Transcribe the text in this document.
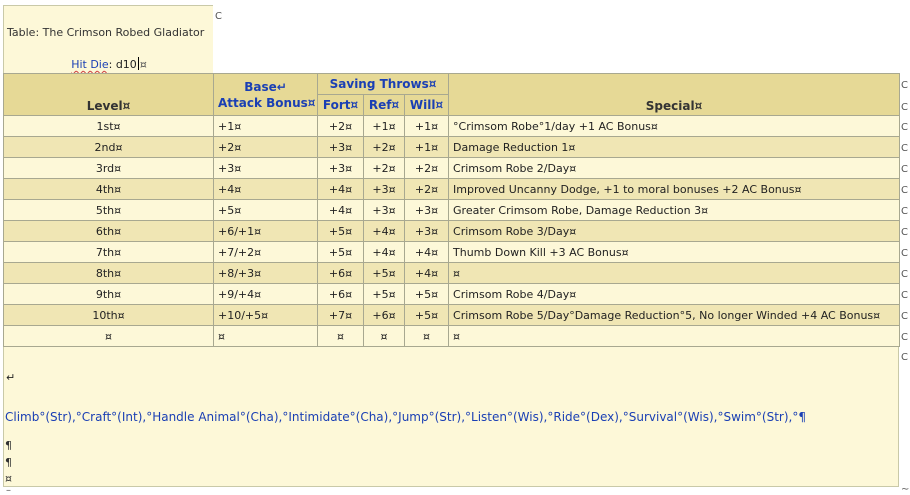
Table: The Crimson Robed Gladiator
Hit Die: d10 ¤
C
Level¤	Base↵
Attack Bonus¤	Saving Throws¤			Special¤
		Fort¤	Ref¤	Will¤	
1st¤	+1¤	+2¤	+1¤	+1¤	°Crimsom Robe°1/day +1 AC Bonus¤
2nd¤	+2¤	+3¤	+2¤	+1¤	Damage Reduction 1¤
3rd¤	+3¤	+3¤	+2¤	+2¤	Crimsom Robe 2/Day¤
4th¤	+4¤	+4¤	+3¤	+2¤	Improved Uncanny Dodge, +1 to moral bonuses +2 AC Bonus¤
5th¤	+5¤	+4¤	+3¤	+3¤	Greater Crimsom Robe, Damage Reduction 3¤
6th¤	+6/+1¤	+5¤	+4¤	+3¤	Crimsom Robe 3/Day¤
7th¤	+7/+2¤	+5¤	+4¤	+4¤	Thumb Down Kill +3 AC Bonus¤
8th¤	+8/+3¤	+6¤	+5¤	+4¤	¤
9th¤	+9/+4¤	+6¤	+5¤	+5¤	Crimsom Robe 4/Day¤
10th¤	+10/+5¤	+7¤	+6¤	+5¤	Crimsom Robe 5/Day°Damage Reduction°5, No longer Winded +4 AC Bonus¤
¤	¤	¤	¤	¤	¤
C
C
C
C
C
C
C
C
C
C
C
C
C
C
↵
Climb°(Str),°Craft°(Int),°Handle Animal°(Cha),°Intimidate°(Cha),°Jump°(Str),°Listen°(Wis),°Ride°(Dex),°Survival°(Wis),°Swim°(Str),°¶
¶
¶
¤
–	∼
